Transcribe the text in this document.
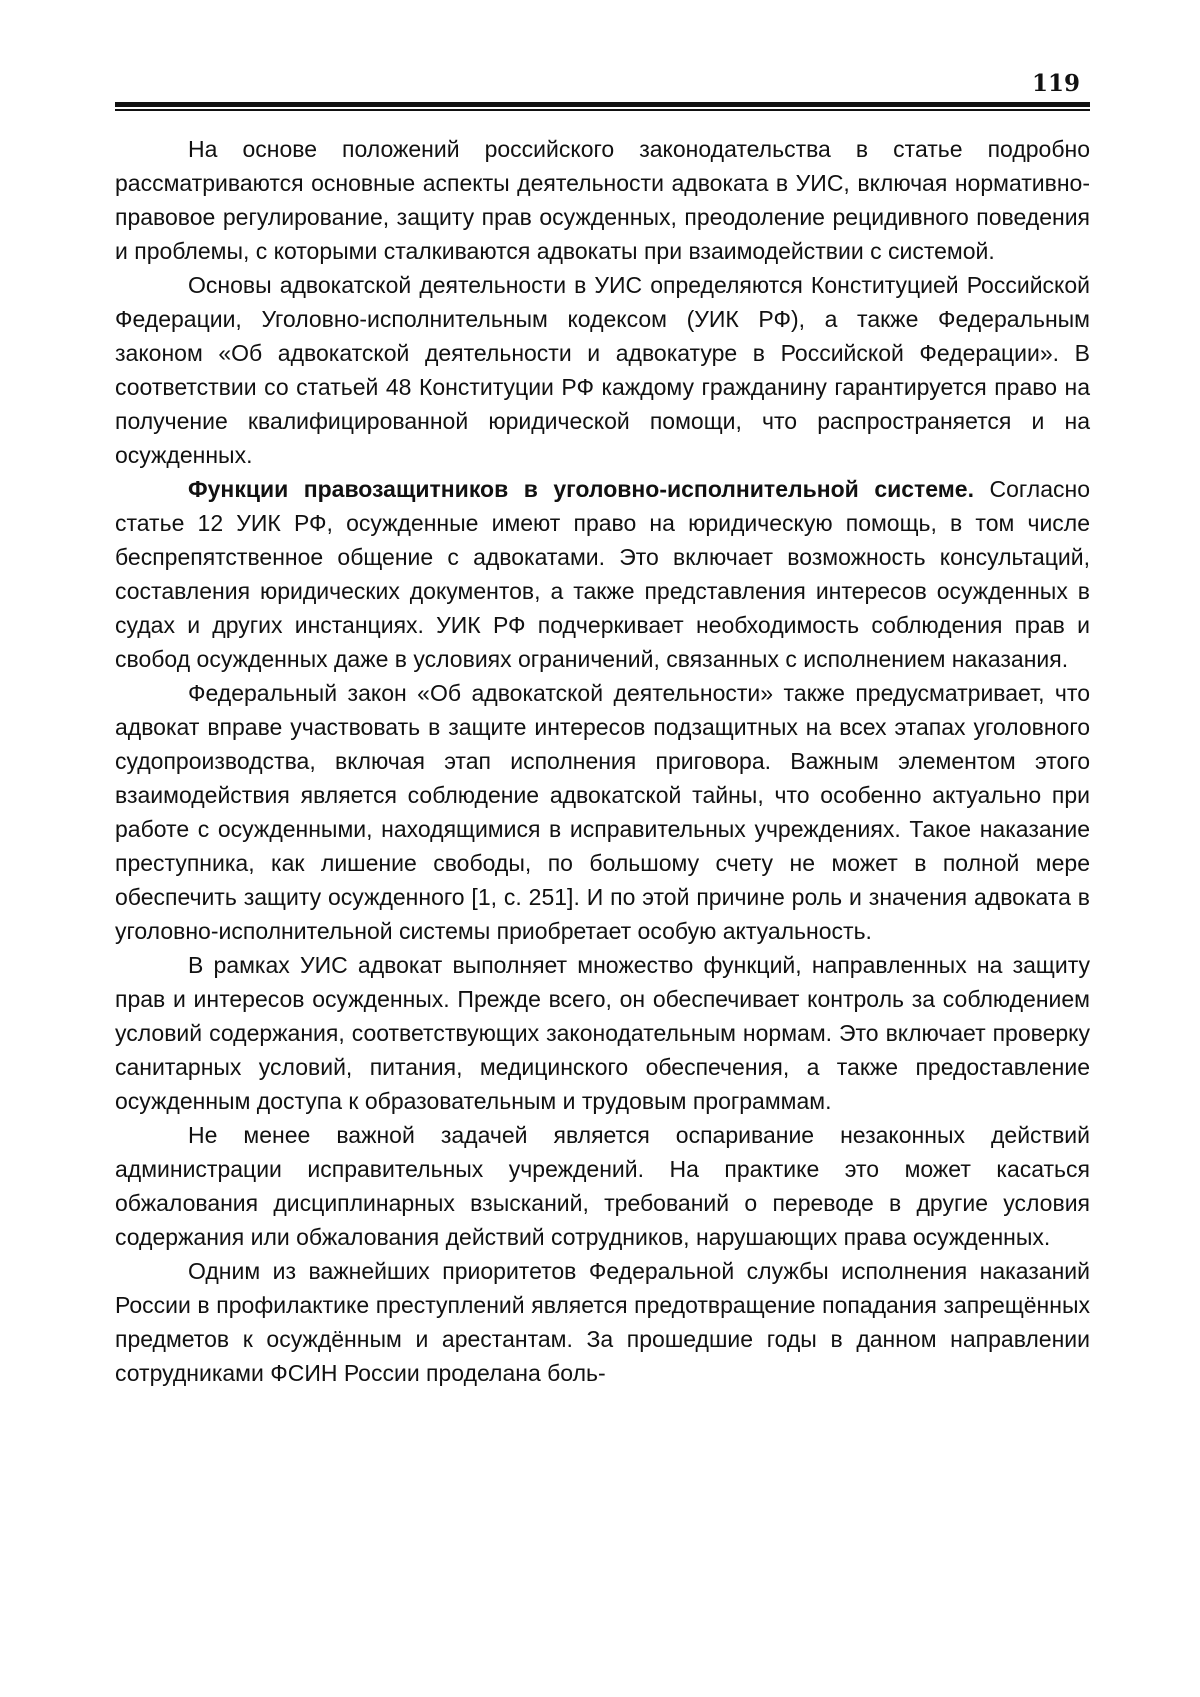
119

На основе положений российского законодательства в статье подробно рассматриваются основные аспекты деятельности адвоката в УИС, включая нормативно-правовое регулирование, защиту прав осужденных, преодоление рецидивного поведения и проблемы, с которыми сталкиваются адвокаты при взаимодействии с системой.

Основы адвокатской деятельности в УИС определяются Конституцией Российской Федерации, Уголовно-исполнительным кодексом (УИК РФ), а также Федеральным законом «Об адвокатской деятельности и адвокатуре в Российской Федерации». В соответствии со статьей 48 Конституции РФ каждому гражданину гарантируется право на получение квалифицированной юридической помощи, что распространяется и на осужденных.

Функции правозащитников в уголовно-исполнительной системе. Согласно статье 12 УИК РФ, осужденные имеют право на юридическую помощь, в том числе беспрепятственное общение с адвокатами. Это включает возможность консультаций, составления юридических документов, а также представления интересов осужденных в судах и других инстанциях. УИК РФ подчеркивает необходимость соблюдения прав и свобод осужденных даже в условиях ограничений, связанных с исполнением наказания.

Федеральный закон «Об адвокатской деятельности» также предусматривает, что адвокат вправе участвовать в защите интересов подзащитных на всех этапах уголовного судопроизводства, включая этап исполнения приговора. Важным элементом этого взаимодействия является соблюдение адвокатской тайны, что особенно актуально при работе с осужденными, находящимися в исправительных учреждениях. Такое наказание преступника, как лишение свободы, по большому счету не может в полной мере обеспечить защиту осужденного [1, с. 251]. И по этой причине роль и значения адвоката в уголовно-исполнительной системы приобретает особую актуальность.

В рамках УИС адвокат выполняет множество функций, направленных на защиту прав и интересов осужденных. Прежде всего, он обеспечивает контроль за соблюдением условий содержания, соответствующих законодательным нормам. Это включает проверку санитарных условий, питания, медицинского обеспечения, а также предоставление осужденным доступа к образовательным и трудовым программам.

Не менее важной задачей является оспаривание незаконных действий администрации исправительных учреждений. На практике это может касаться обжалования дисциплинарных взысканий, требований о переводе в другие условия содержания или обжалования действий сотрудников, нарушающих права осужденных.

Одним из важнейших приоритетов Федеральной службы исполнения наказаний России в профилактике преступлений является предотвращение попадания запрещённых предметов к осуждённым и арестантам. За прошедшие годы в данном направлении сотрудниками ФСИН России проделана боль-
